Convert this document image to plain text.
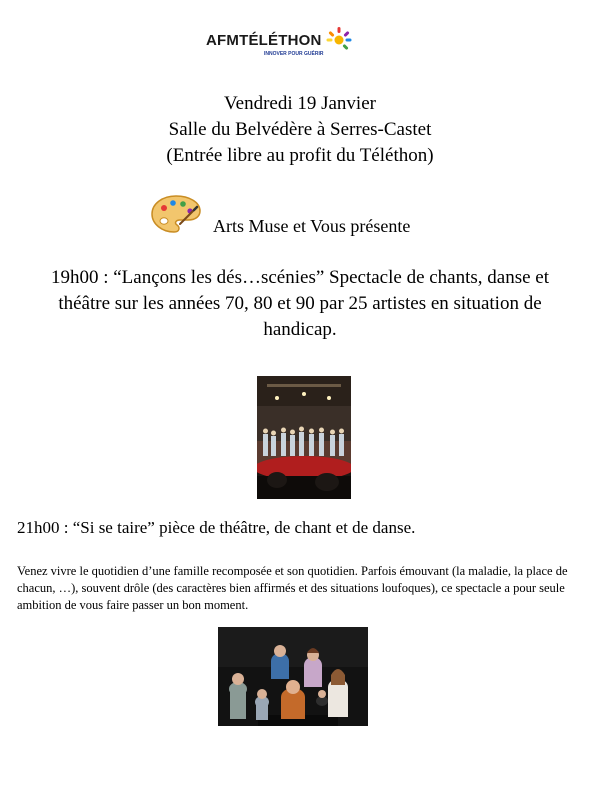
AFMTÉLÉTHON
INNOVER POUR GUÉRIR
Vendredi 19 Janvier
Salle du Belvédère à Serres-Castet
(Entrée libre au profit du Téléthon)
Arts Muse et Vous présente
19h00 : “Lançons les dés…scénies” Spectacle de chants, danse et théâtre sur les années 70, 80 et 90 par 25 artistes en situation de handicap.
21h00 : “Si se taire” pièce de théâtre, de chant et de danse.
Venez vivre le quotidien d’une famille recomposée et son quotidien. Parfois émouvant (la maladie, la place de chacun, …), souvent drôle (des caractères bien affirmés et des situations loufoques), ce spectacle a pour seule ambition de vous faire passer un bon moment.
